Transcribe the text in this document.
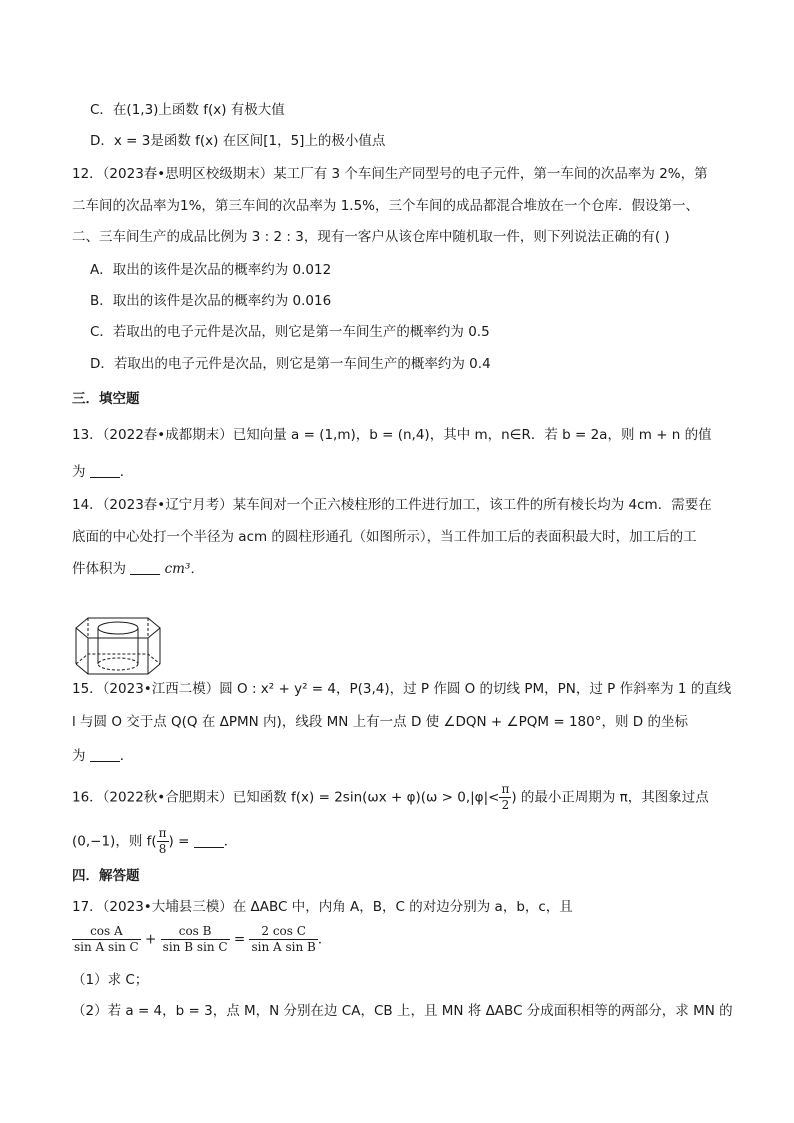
C．在(1,3)上函数 f(x) 有极大值
D．x = 3是函数 f(x) 在区间[1，5]上的极小值点
12．（2023春•思明区校级期末）某工厂有 3 个车间生产同型号的电子元件，第一车间的次品率为 2%，第
二车间的次品率为1%，第三车间的次品率为 1.5%，三个车间的成品都混合堆放在一个仓库．假设第一、
二、三车间生产的成品比例为 3 : 2 : 3，现有一客户从该仓库中随机取一件，则下列说法正确的有( )
A．取出的该件是次品的概率约为 0.012
B．取出的该件是次品的概率约为 0.016
C．若取出的电子元件是次品，则它是第一车间生产的概率约为 0.5
D．若取出的电子元件是次品，则它是第一车间生产的概率约为 0.4
三．填空题
13．（2022春•成都期末）已知向量 a = (1,m)，b = (n,4)，其中 m，n∈R．若 b = 2a，则 m + n 的值
为	．
14．（2023春•辽宁月考）某车间对一个正六棱柱形的工件进行加工，该工件的所有棱长均为 4cm．需要在
底面的中心处打一个半径为 acm 的圆柱形通孔（如图所示），当工件加工后的表面积最大时，加工后的工
件体积为	cm³．
15．（2023•江西二模）圆 O : x² + y² = 4，P(3,4)，过 P 作圆 O 的切线 PM，PN，过 P 作斜率为 1 的直线
l 与圆 O 交于点 Q(Q 在 ΔPMN 内)，线段 MN 上有一点 D 使 ∠DQN + ∠PQM = 180°，则 D 的坐标
为	．
16．（2022秋•合肥期末）已知函数 $f(x) = 2\sin(\omega x + \varphi)(\omega > 0,|\varphi|< \frac{\pi}{2}$ ) 的最小正周期为 π，其图象过点
(0,−1)，则 $f( \frac{\pi}{8}$ ) =	．
四．解答题
17．（2023•大埔县三模）在 ΔABC 中，内角 A，B，C 的对边分别为 a，b，c，且
$\frac{\text{cos A}}{\text{sin A sin C}} + \frac{\text{cos B}}{\text{sin B sin C}} = \frac{\text{2 cos C}}{\text{sin A sin B}}$ ．
（1）求 C；
（2）若 a = 4，b = 3，点 M，N 分别在边 CA，CB 上，且 MN 将 ΔABC 分成面积相等的两部分，求 MN 的
